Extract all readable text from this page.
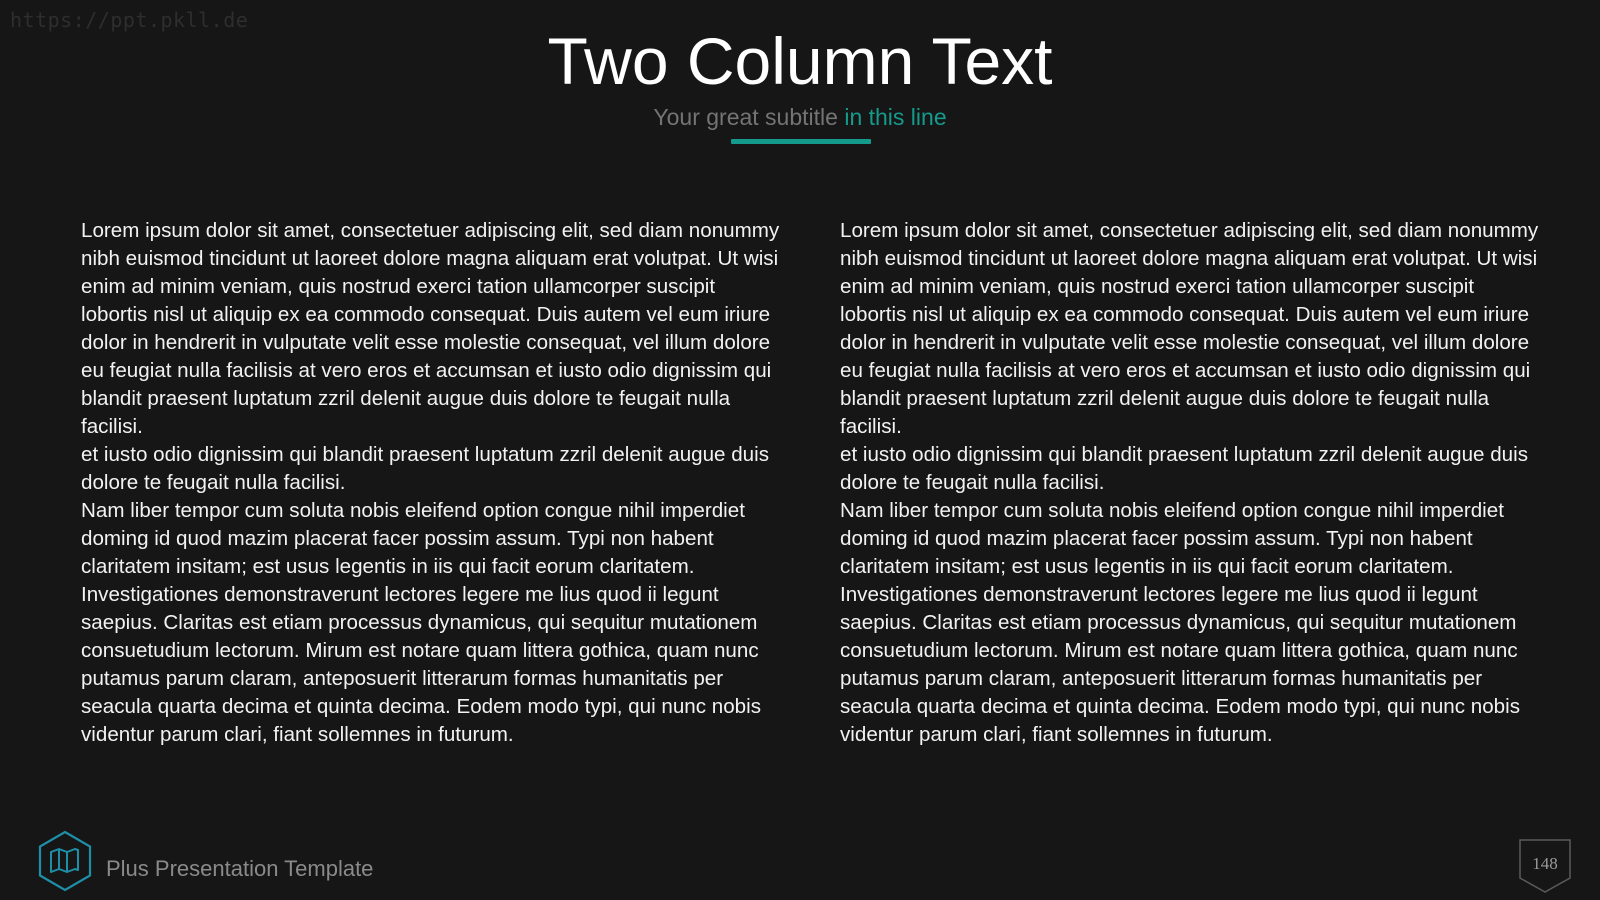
https://ppt.pkll.de
Two Column Text

Your great subtitle in this line

Lorem ipsum dolor sit amet, consectetuer adipiscing elit, sed diam nonummy nibh euismod tincidunt ut laoreet dolore magna aliquam erat volutpat. Ut wisi enim ad minim veniam, quis nostrud exerci tation ullamcorper suscipit lobortis nisl ut aliquip ex ea commodo consequat. Duis autem vel eum iriure dolor in hendrerit in vulputate velit esse molestie consequat, vel illum dolore eu feugiat nulla facilisis at vero eros et accumsan et iusto odio dignissim qui blandit praesent luptatum zzril delenit augue duis dolore te feugait nulla facilisi.

et iusto odio dignissim qui blandit praesent luptatum zzril delenit augue duis dolore te feugait nulla facilisi.

Nam liber tempor cum soluta nobis eleifend option congue nihil imperdiet doming id quod mazim placerat facer possim assum. Typi non habent claritatem insitam; est usus legentis in iis qui facit eorum claritatem. Investigationes demonstraverunt lectores legere me lius quod ii legunt saepius. Claritas est etiam processus dynamicus, qui sequitur mutationem consuetudium lectorum. Mirum est notare quam littera gothica, quam nunc putamus parum claram, anteposuerit litterarum formas humanitatis per seacula quarta decima et quinta decima. Eodem modo typi, qui nunc nobis videntur parum clari, fiant sollemnes in futurum.

Lorem ipsum dolor sit amet, consectetuer adipiscing elit, sed diam nonummy nibh euismod tincidunt ut laoreet dolore magna aliquam erat volutpat. Ut wisi enim ad minim veniam, quis nostrud exerci tation ullamcorper suscipit lobortis nisl ut aliquip ex ea commodo consequat. Duis autem vel eum iriure dolor in hendrerit in vulputate velit esse molestie consequat, vel illum dolore eu feugiat nulla facilisis at vero eros et accumsan et iusto odio dignissim qui blandit praesent luptatum zzril delenit augue duis dolore te feugait nulla facilisi.

et iusto odio dignissim qui blandit praesent luptatum zzril delenit augue duis dolore te feugait nulla facilisi.

Nam liber tempor cum soluta nobis eleifend option congue nihil imperdiet doming id quod mazim placerat facer possim assum. Typi non habent claritatem insitam; est usus legentis in iis qui facit eorum claritatem. Investigationes demonstraverunt lectores legere me lius quod ii legunt saepius. Claritas est etiam processus dynamicus, qui sequitur mutationem consuetudium lectorum. Mirum est notare quam littera gothica, quam nunc putamus parum claram, anteposuerit litterarum formas humanitatis per seacula quarta decima et quinta decima. Eodem modo typi, qui nunc nobis videntur parum clari, fiant sollemnes in futurum.

Plus Presentation Template	148
